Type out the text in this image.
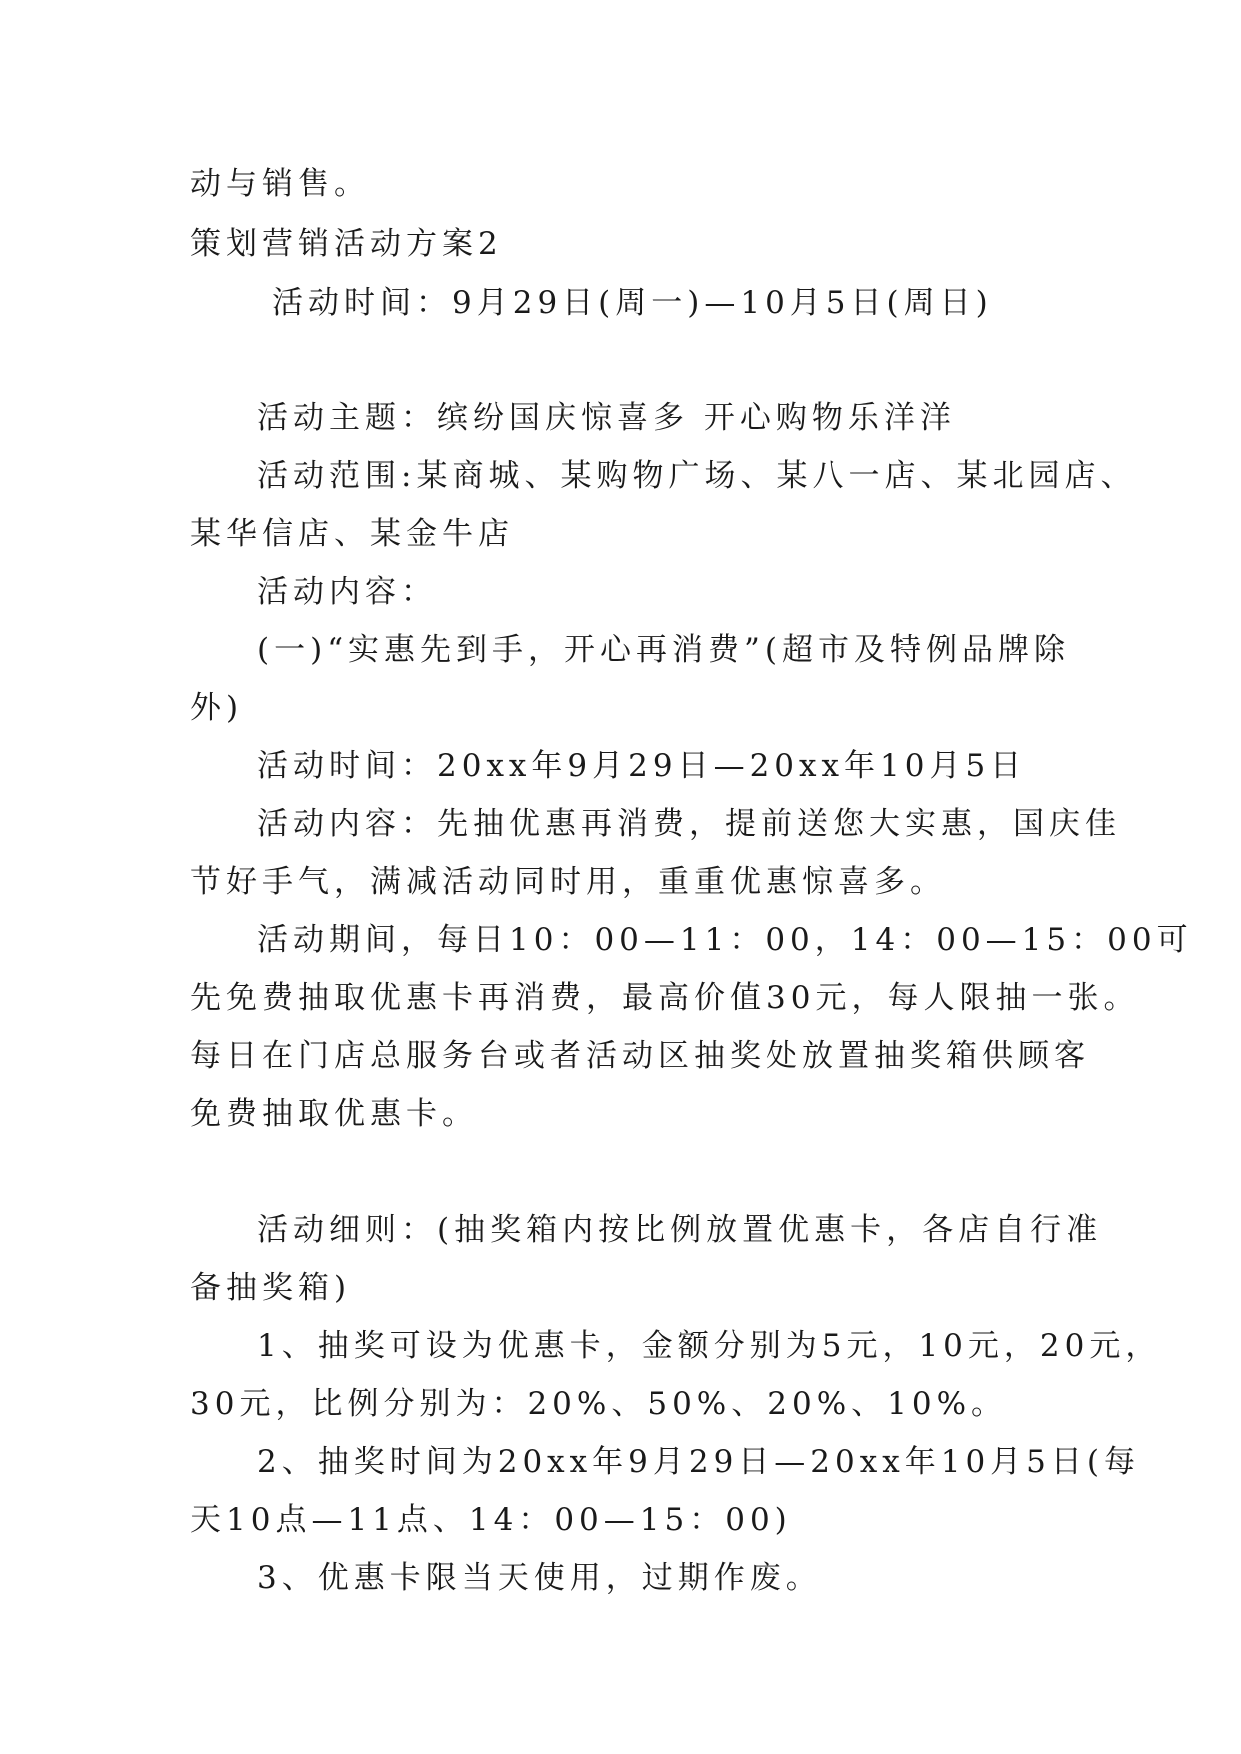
动与销售。

策划营销活动方案2

活动时间：9月29日(周一)—10月5日(周日)

活动主题：缤纷国庆惊喜多 开心购物乐洋洋

活动范围:某商城、某购物广场、某八一店、某北园店、

某华信店、某金牛店

活动内容：

(一)“实惠先到手，开心再消费”(超市及特例品牌除

外)

活动时间：20xx年9月29日—20xx年10月5日

活动内容：先抽优惠再消费，提前送您大实惠，国庆佳

节好手气，满减活动同时用，重重优惠惊喜多。

活动期间，每日10：00—11：00，14：00—15：00可

先免费抽取优惠卡再消费，最高价值30元，每人限抽一张。

每日在门店总服务台或者活动区抽奖处放置抽奖箱供顾客

免费抽取优惠卡。

活动细则：(抽奖箱内按比例放置优惠卡，各店自行准

备抽奖箱)

1、抽奖可设为优惠卡，金额分别为5元，10元，20元，

30元，比例分别为：20%、50%、20%、10%。

2、抽奖时间为20xx年9月29日—20xx年10月5日(每

天10点—11点、14：00—15：00)

3、优惠卡限当天使用，过期作废。
